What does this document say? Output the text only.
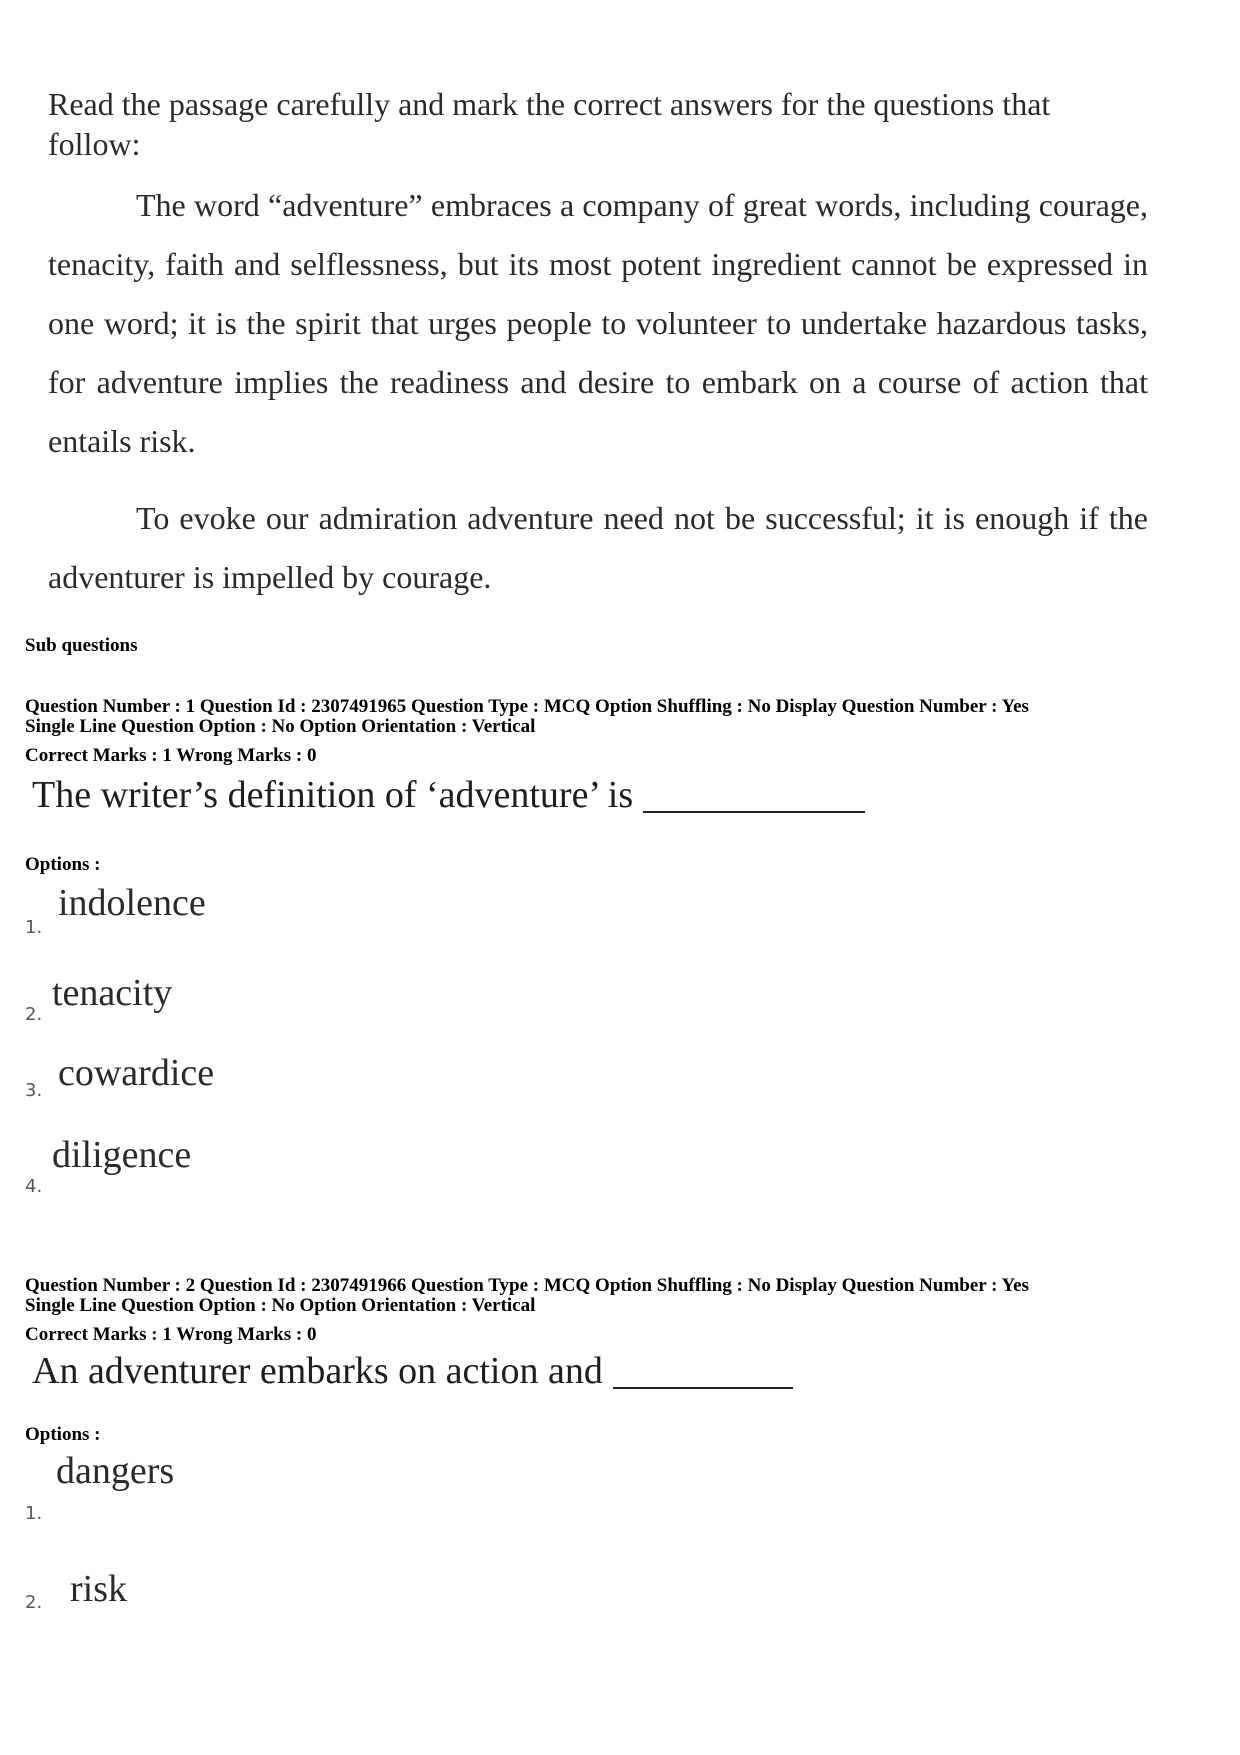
Read the passage carefully and mark the correct answers for the questions that follow:

The word “adventure” embraces a company of great words, including courage, tenacity, faith and selflessness, but its most potent ingredient cannot be expressed in one word; it is the spirit that urges people to volunteer to undertake hazardous tasks, for adventure implies the readiness and desire to embark on a course of action that entails risk.

To evoke our admiration adventure need not be successful; it is enough if the adventurer is impelled by courage.

Sub questions
Question Number : 1 Question Id : 2307491965 Question Type : MCQ Option Shuffling : No Display Question Number : Yes
Single Line Question Option : No Option Orientation : Vertical
Correct Marks : 1 Wrong Marks : 0
The writer’s definition of ‘adventure’ is
Options :
1.
indolence
2.
tenacity
3. cowardice
4.
diligence
Question Number : 2 Question Id : 2307491966 Question Type : MCQ Option Shuffling : No Display Question Number : Yes
Single Line Question Option : No Option Orientation : Vertical
Correct Marks : 1 Wrong Marks : 0
An adventurer embarks on action and
Options :
1.
dangers
2. risk
